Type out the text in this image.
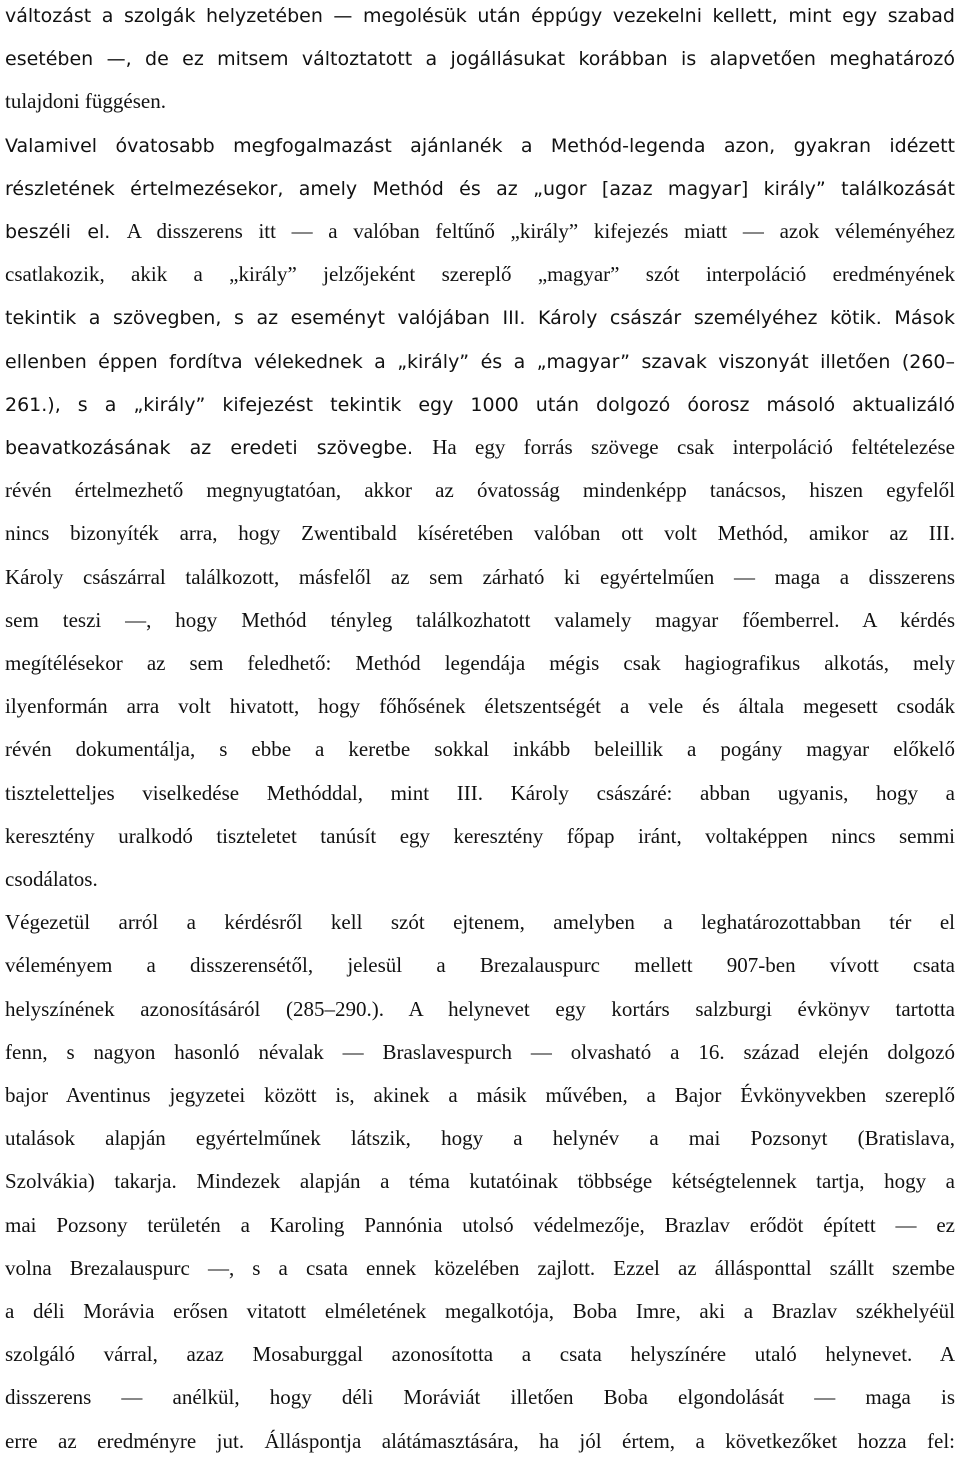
változást a szolgák helyzetében — megolésük után éppúgy vezekelni kellett, mint egy szabad
esetében —, de ez mitsem változtatott a jogállásukat korábban is alapvetően meghatározó
tulajdoni függésen.
Valamivel óvatosabb megfogalmazást ajánlanék a Methód-legenda azon, gyakran idézett
részletének értelmezésekor, amely Methód és az „ugor [azaz magyar] király” találkozását
beszéli el. A disszerens itt — a valóban feltűnő „király” kifejezés miatt — azok véleményéhez
csatlakozik, akik a „király” jelzőjeként szereplő „magyar” szót interpoláció eredményének
tekintik a szövegben, s az eseményt valójában III. Károly császár személyéhez kötik. Mások
ellenben éppen fordítva vélekednek a „király” és a „magyar” szavak viszonyát illetően (260–
261.), s a „király” kifejezést tekintik egy 1000 után dolgozó óorosz másoló aktualizáló
beavatkozásának az eredeti szövegbe. Ha egy forrás szövege csak interpoláció feltételezése
révén értelmezhető megnyugtatóan, akkor az óvatosság mindenképp tanácsos, hiszen egyfelől
nincs bizonyíték arra, hogy Zwentibald kíséretében valóban ott volt Methód, amikor az III.
Károly császárral találkozott, másfelől az sem zárható ki egyértelműen — maga a disszerens
sem teszi —, hogy Methód tényleg találkozhatott valamely magyar főemberrel. A kérdés
megítélésekor az sem feledhető: Methód legendája mégis csak hagiografikus alkotás, mely
ilyenformán arra volt hivatott, hogy főhősének életszentségét a vele és általa megesett csodák
révén dokumentálja, s ebbe a keretbe sokkal inkább beleillik a pogány magyar előkelő
tiszteletteljes viselkedése Methóddal, mint III. Károly császáré: abban ugyanis, hogy a
keresztény uralkodó tiszteletet tanúsít egy keresztény főpap iránt, voltaképpen nincs semmi
csodálatos.
Végezetül arról a kérdésről kell szót ejtenem, amelyben a leghatározottabban tér el
véleményem a disszerensétől, jelesül a Brezalauspurc mellett 907-ben vívott csata
helyszínének azonosításáról (285–290.). A helynevet egy kortárs salzburgi évkönyv tartotta
fenn, s nagyon hasonló névalak — Braslavespurch — olvasható a 16. század elején dolgozó
bajor Aventinus jegyzetei között is, akinek a másik művében, a Bajor Évkönyvekben szereplő
utalások alapján egyértelműnek látszik, hogy a helynév a mai Pozsonyt (Bratislava,
Szolvákia) takarja. Mindezek alapján a téma kutatóinak többsége kétségtelennek tartja, hogy a
mai Pozsony területén a Karoling Pannónia utolsó védelmezője, Brazlav erődöt épített — ez
volna Brezalauspurc —, s a csata ennek közelében zajlott. Ezzel az állásponttal szállt szembe
a déli Morávia erősen vitatott elméletének megalkotója, Boba Imre, aki a Brazlav székhelyéül
szolgáló várral, azaz Mosaburggal azonosította a csata helyszínére utaló helynevet. A
disszerens — anélkül, hogy déli Moráviát illetően Boba elgondolását — maga is
erre az eredményre jut. Álláspontja alátámasztására, ha jól értem, a következőket hozza fel:
